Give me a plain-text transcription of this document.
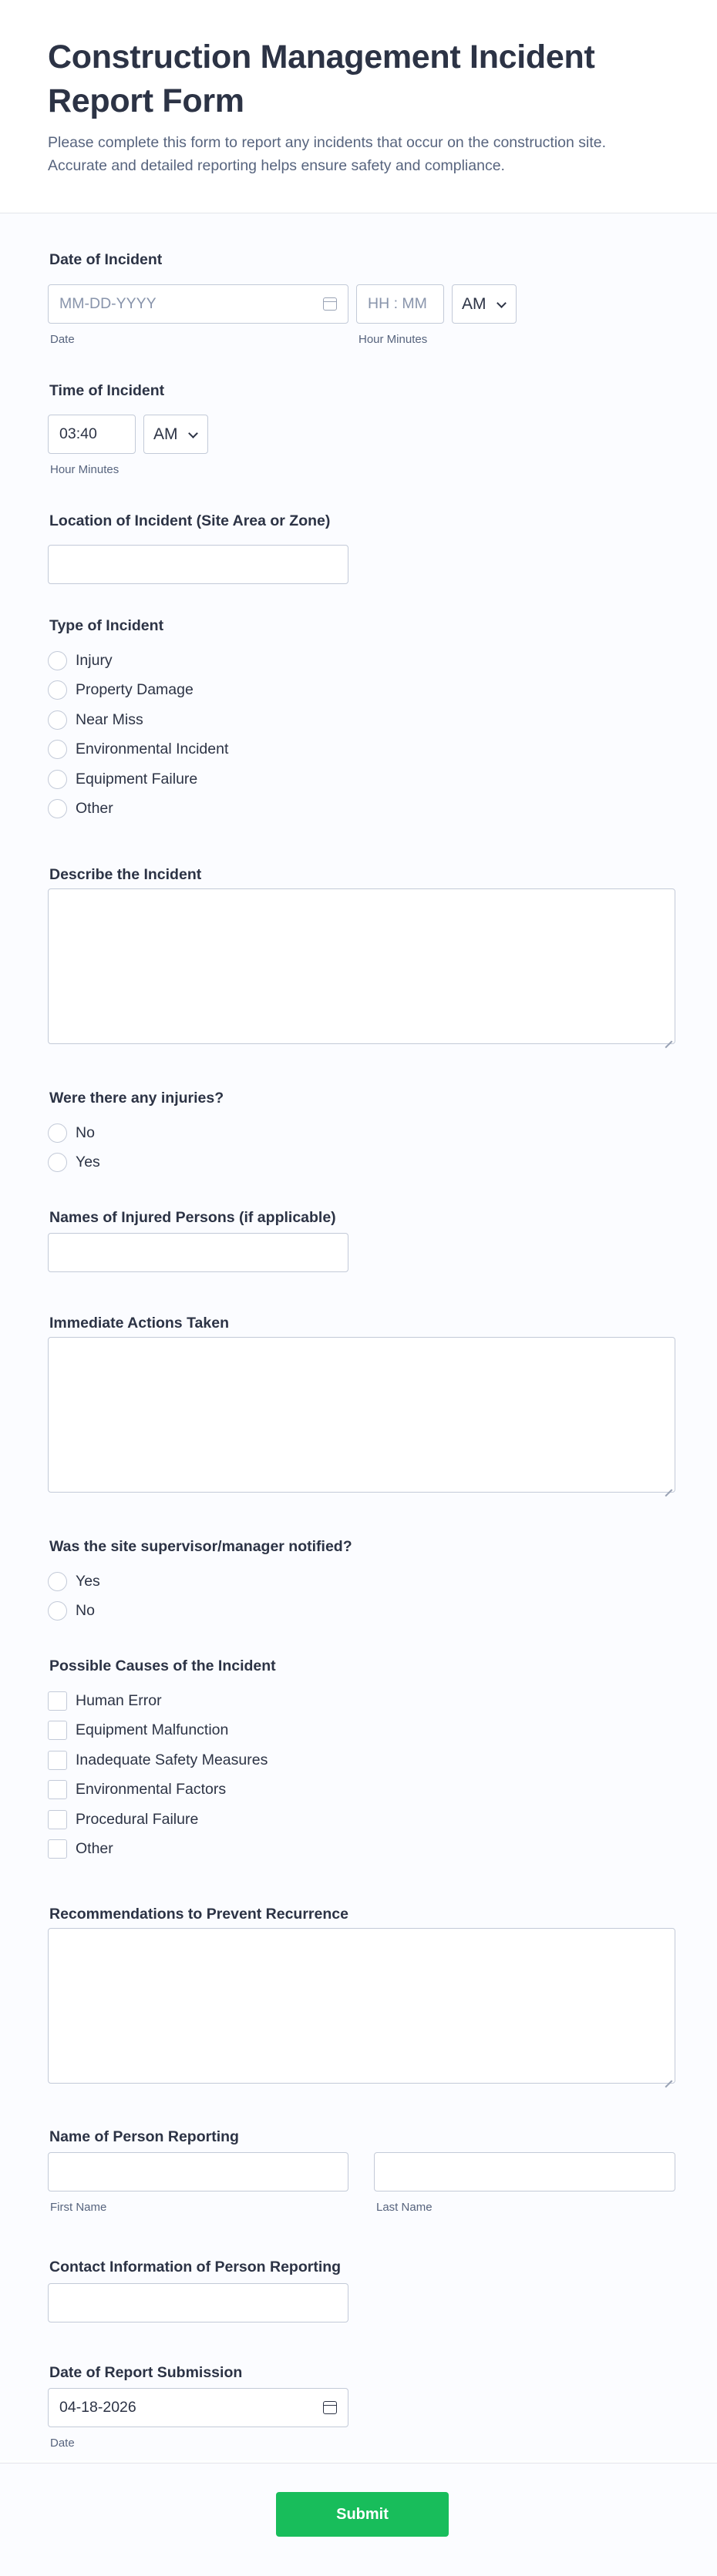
Construction Management Incident Report Form

Please complete this form to report any incidents that occur on the construction site. Accurate and detailed reporting helps ensure safety and compliance.

Date of Incident
MM-DD-YYYY
Date
HH : MM AM
Hour Minutes
Time of Incident
03:40	AM
Hour Minutes
Location of Incident (Site Area or Zone)
Type of Incident
Injury
Property Damage
Near Miss
Environmental Incident
Equipment Failure
Other
Describe the Incident
Were there any injuries?
No
Yes
Names of Injured Persons (if applicable)
Immediate Actions Taken
Was the site supervisor/manager notified?
Yes
No
Possible Causes of the Incident
Human Error
Equipment Malfunction
Inadequate Safety Measures
Environmental Factors
Procedural Failure
Other
Recommendations to Prevent Recurrence
Name of Person Reporting
First Name	Last Name
Contact Information of Person Reporting
Date of Report Submission
04-18-2026
Date
Submit
